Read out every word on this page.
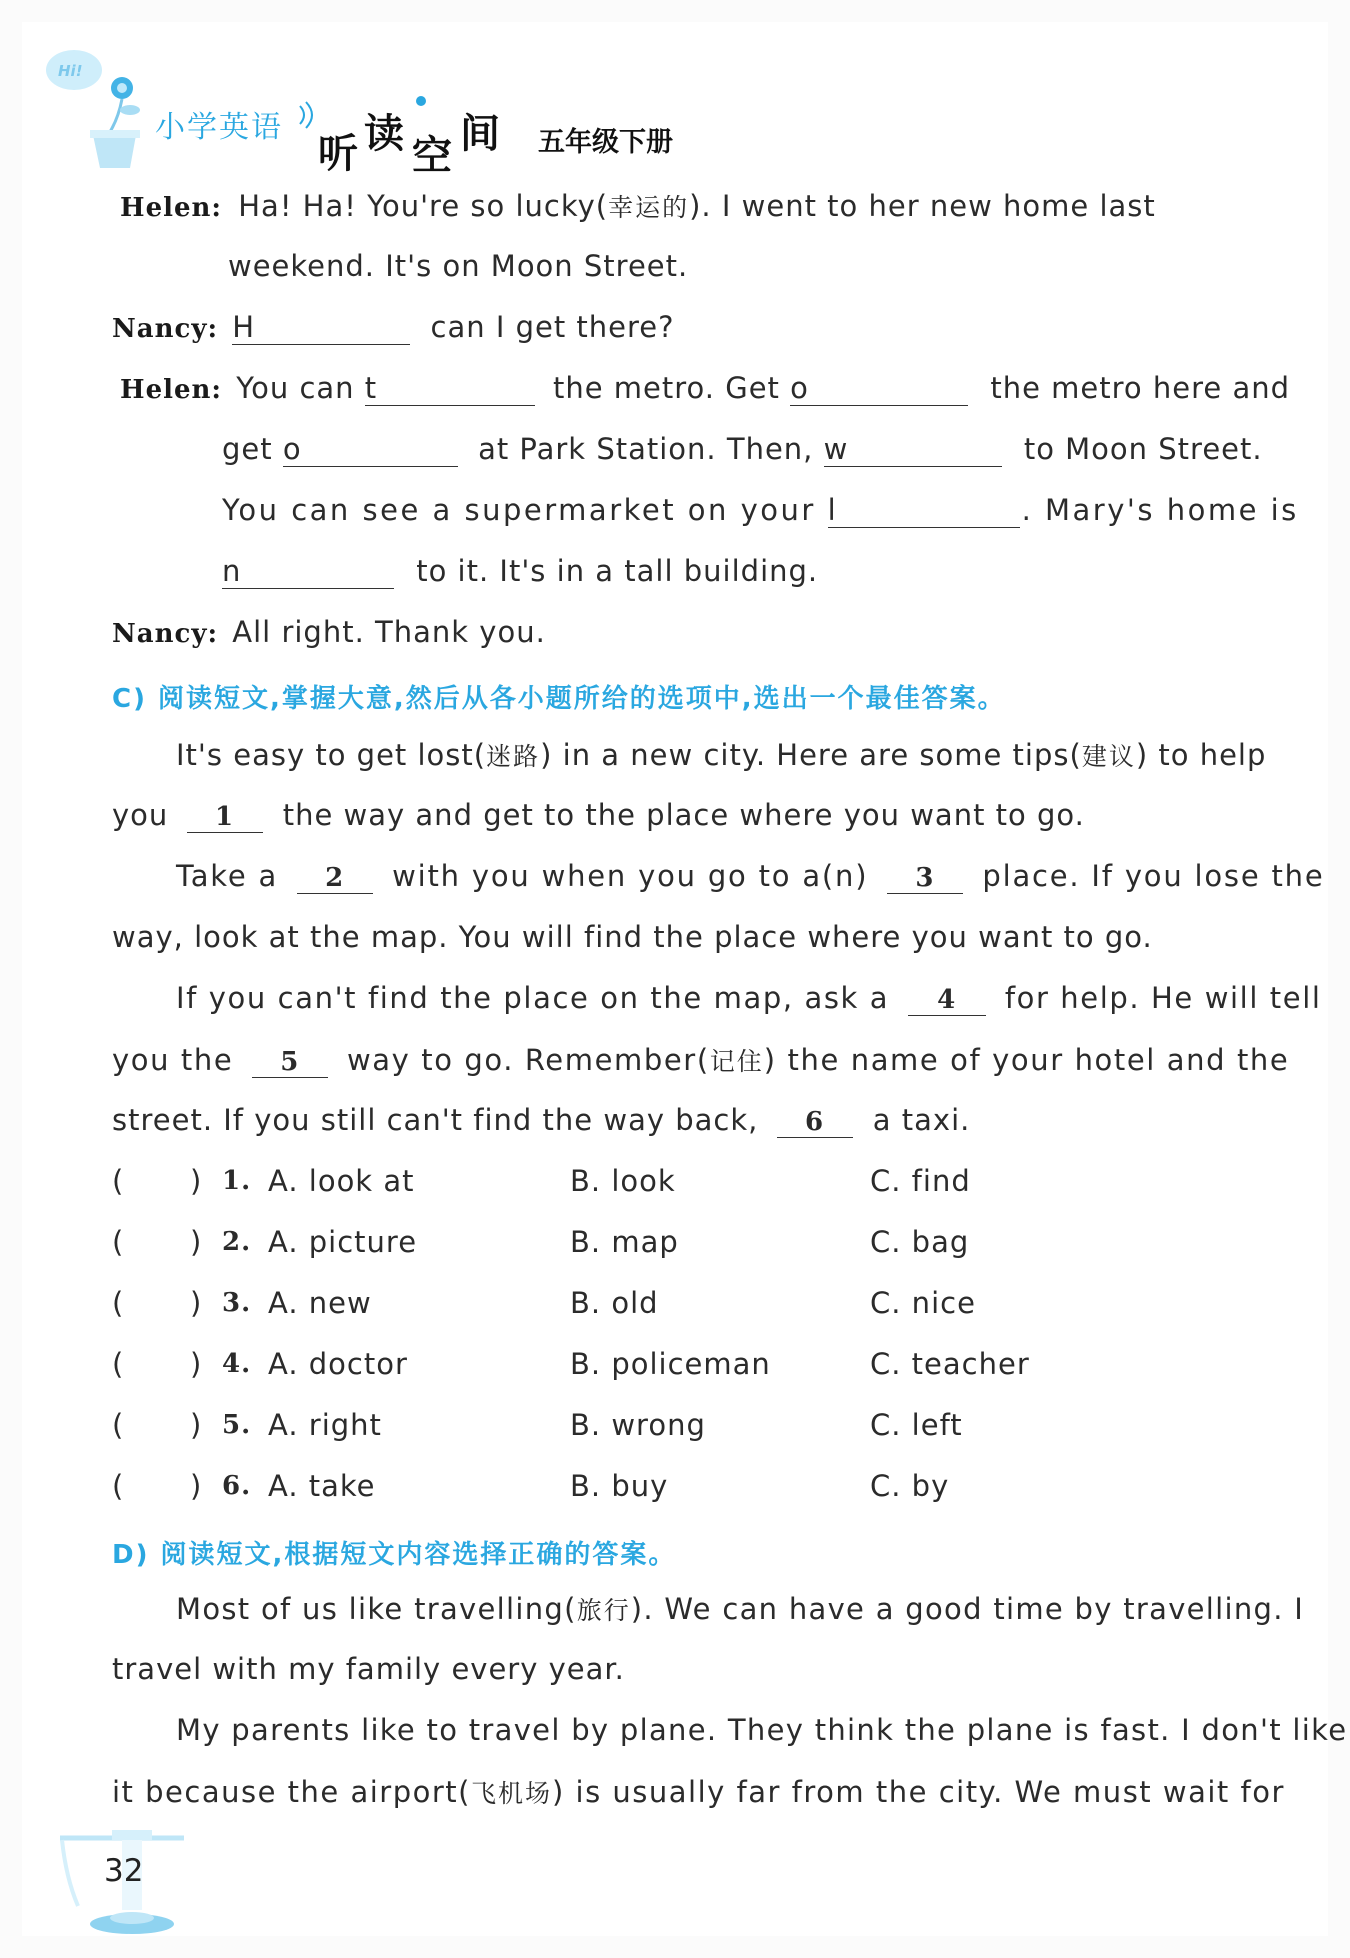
Hi!
小学英语
听 读 空 间 五年级下册
Helen: Ha! Ha! You're so lucky(幸运的). I went to her new home last
weekend. It's on Moon Street.
Nancy: H	can I get there?
Helen: You can t	the metro. Get o	the metro here and
get o	at Park Station. Then, w	to Moon Street.
You can see a supermarket on your l	. Mary's home is
n	to it. It's in a tall building.
Nancy: All right. Thank you.
C) 阅读短文,掌握大意,然后从各小题所给的选项中,选出一个最佳答案。
It's easy to get lost(迷路) in a new city. Here are some tips(建议) to help
you 1 the way and get to the place where you want to go.
Take a 2 with you when you go to a(n) 3 place. If you lose the
way, look at the map. You will find the place where you want to go.
If you can't find the place on the map, ask a 4 for help. He will tell
you the 5 way to go. Remember(记住) the name of your hotel and the
street. If you still can't find the way back, 6 a taxi.
( ) 1. A. look at	B. look	C. find
( ) 2. A. picture	B. map	C. bag
( ) 3. A. new	B. old	C. nice
( ) 4. A. doctor	B. policeman	C. teacher
( ) 5. A. right	B. wrong	C. left
( ) 6. A. take	B. buy	C. by
D) 阅读短文,根据短文内容选择正确的答案。
Most of us like travelling(旅行). We can have a good time by travelling. I
travel with my family every year.
My parents like to travel by plane. They think the plane is fast. I don't like
it because the airport(飞机场) is usually far from the city. We must wait for
32
